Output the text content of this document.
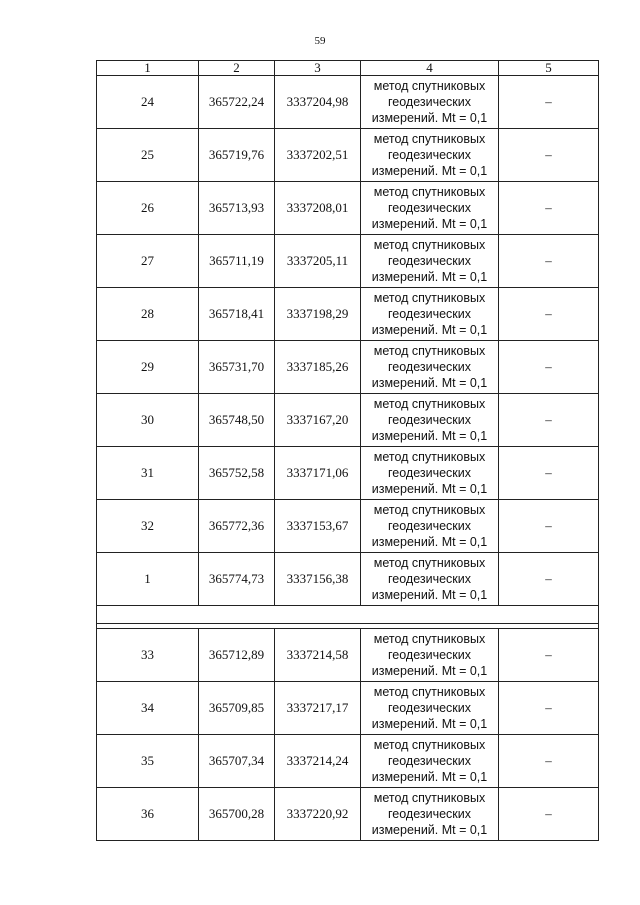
59
1	2	3	4	5
24	365722,24	3337204,98	метод спутниковых
геодезических
измерений. Mt = 0,1	–
25	365719,76	3337202,51	метод спутниковых
геодезических
измерений. Mt = 0,1	–
26	365713,93	3337208,01	метод спутниковых
геодезических
измерений. Mt = 0,1	–
27	365711,19	3337205,11	метод спутниковых
геодезических
измерений. Mt = 0,1	–
28	365718,41	3337198,29	метод спутниковых
геодезических
измерений. Mt = 0,1	–
29	365731,70	3337185,26	метод спутниковых
геодезических
измерений. Mt = 0,1	–
30	365748,50	3337167,20	метод спутниковых
геодезических
измерений. Mt = 0,1	–
31	365752,58	3337171,06	метод спутниковых
геодезических
измерений. Mt = 0,1	–
32	365772,36	3337153,67	метод спутниковых
геодезических
измерений. Mt = 0,1	–
1	365774,73	3337156,38	метод спутниковых
геодезических
измерений. Mt = 0,1	–

33	365712,89	3337214,58	метод спутниковых
геодезических
измерений. Mt = 0,1	–
34	365709,85	3337217,17	метод спутниковых
геодезических
измерений. Mt = 0,1	–
35	365707,34	3337214,24	метод спутниковых
геодезических
измерений. Mt = 0,1	–
36	365700,28	3337220,92	метод спутниковых
геодезических
измерений. Mt = 0,1	–
